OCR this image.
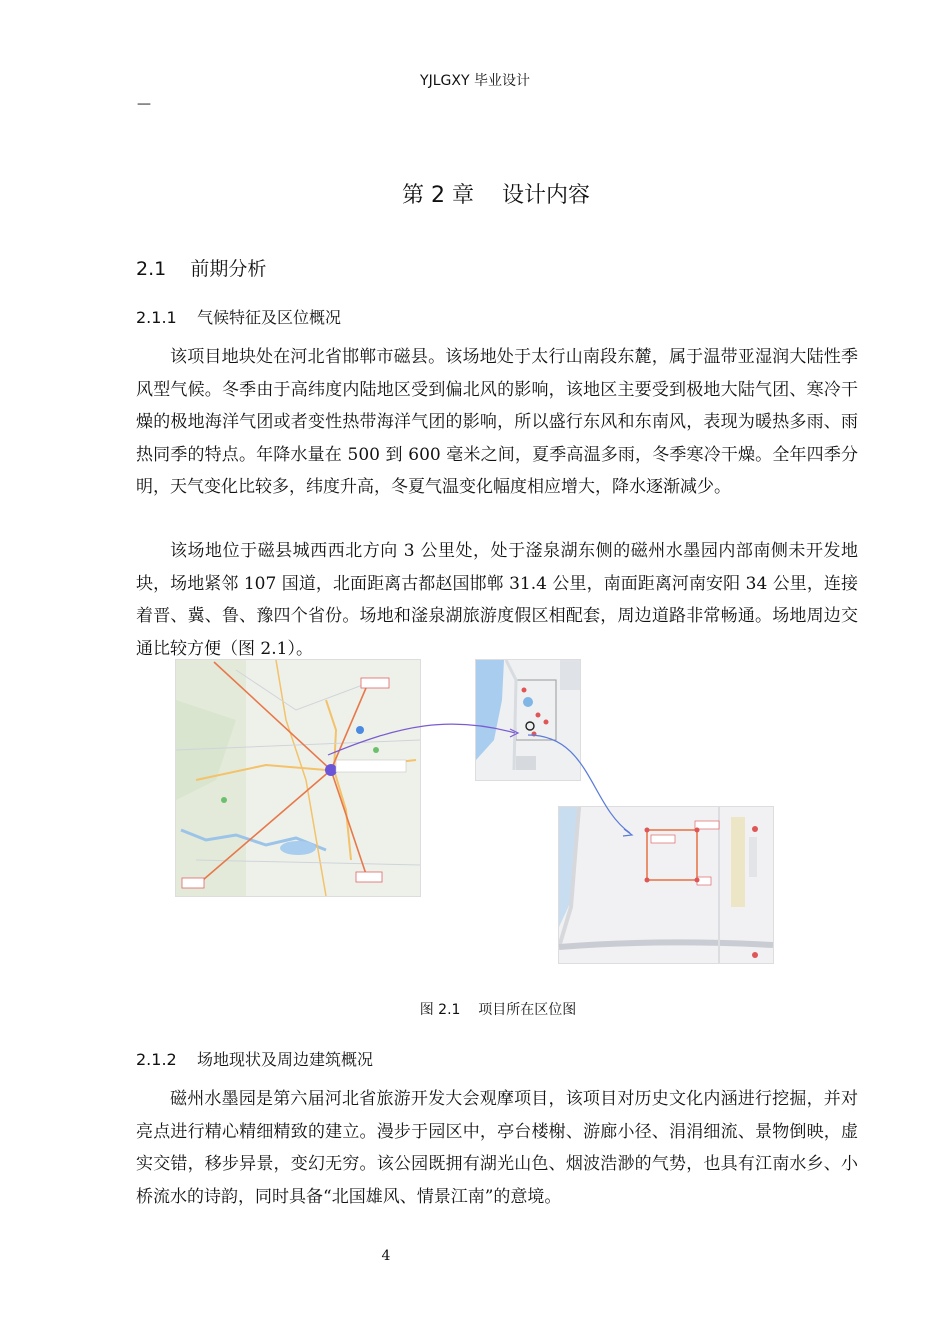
YJLGXY 毕业设计
—
第 2 章    设计内容
2.1    前期分析
2.1.1    气候特征及区位概况

该项目地块处在河北省邯郸市磁县。该场地处于太行山南段东麓，属于温带亚湿润大陆性季风型气候。冬季由于高纬度内陆地区受到偏北风的影响，该地区主要受到极地大陆气团、寒冷干燥的极地海洋气团或者变性热带海洋气团的影响，所以盛行东风和东南风，表现为暖热多雨、雨热同季的特点。年降水量在 500 到 600 毫米之间，夏季高温多雨，冬季寒冷干燥。全年四季分明，天气变化比较多，纬度升高，冬夏气温变化幅度相应增大，降水逐渐减少。

该场地位于磁县城西西北方向 3 公里处，处于滏泉湖东侧的磁州水墨园内部南侧未开发地块，场地紧邻 107 国道，北面距离古都赵国邯郸 31.4 公里，南面距离河南安阳 34 公里，连接着晋、冀、鲁、豫四个省份。场地和滏泉湖旅游度假区相配套，周边道路非常畅通。场地周边交通比较方便（图 2.1）。

图 2.1    项目所在区位图
2.1.2    场地现状及周边建筑概况

磁州水墨园是第六届河北省旅游开发大会观摩项目，该项目对历史文化内涵进行挖掘，并对亮点进行精心精细精致的建立。漫步于园区中，亭台楼榭、游廊小径、涓涓细流、景物倒映，虚实交错，移步异景，变幻无穷。该公园既拥有湖光山色、烟波浩渺的气势，也具有江南水乡、小桥流水的诗韵，同时具备“北国雄风、情景江南”的意境。

4
